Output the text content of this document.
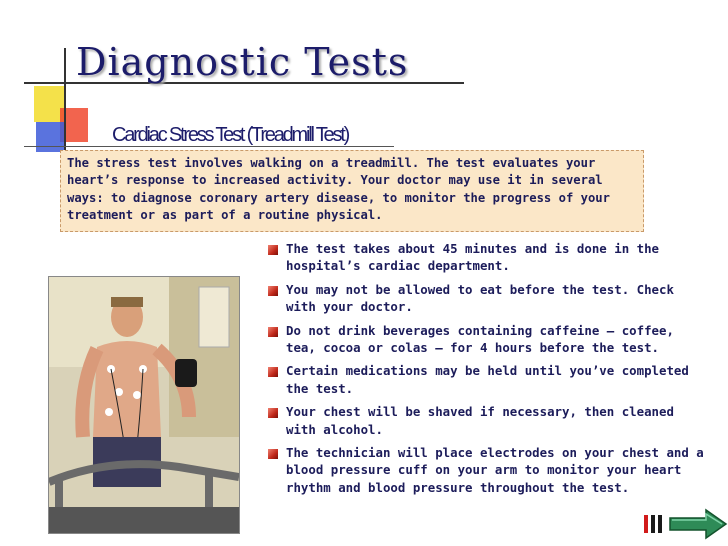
Diagnostic Tests
Cardiac Stress Test (Treadmill Test)
The stress test involves walking on a treadmill. The test evaluates your heart’s response to increased activity. Your doctor may use it in several ways: to diagnose coronary artery disease, to monitor the progress of your treatment or as part of a routine physical.
The test takes about 45 minutes and is done in the hospital’s cardiac department.
You may not be allowed to eat before the test. Check with your doctor.
Do not drink beverages containing caffeine – coffee, tea, cocoa or colas – for 4 hours before the test.
Certain medications may be held until you’ve completed the test.
Your chest will be shaved if necessary, then cleaned with alcohol.
The technician will place electrodes on your chest and a blood pressure cuff on your arm to monitor your heart rhythm and blood pressure throughout the test.
